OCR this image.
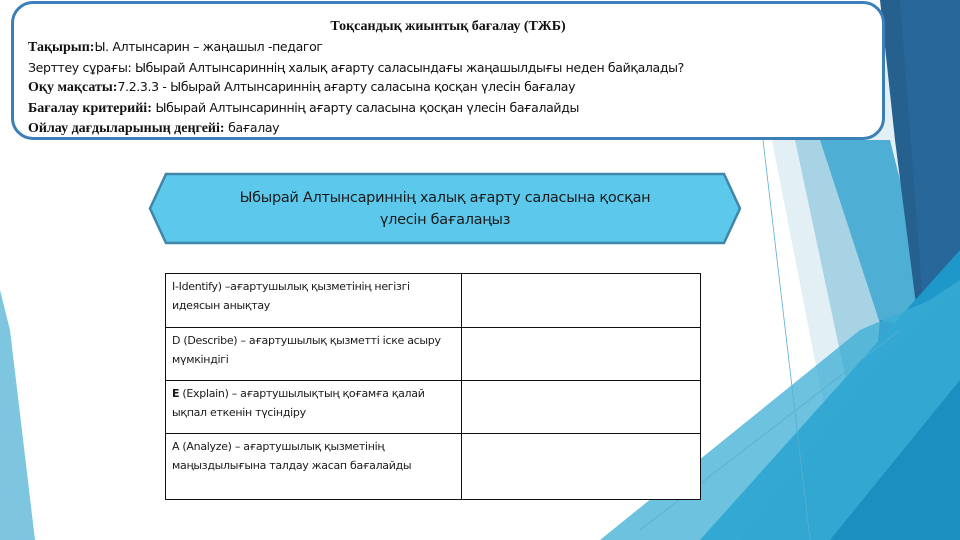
Тоқсандық жиынтық бағалау (ТЖБ)
Тақырып:Ы. Алтынсарин – жаңашыл -педагог
Зерттеу сұрағы: Ыбырай Алтынсариннің халық ағарту саласындағы жаңашылдығы неден байқалады?
Оқу мақсаты:7.2.3.3 - Ыбырай Алтынсариннің ағарту саласына қосқан үлесін бағалау
Бағалау критерийі: Ыбырай Алтынсариннің ағарту саласына қосқан үлесін бағалайды
Ойлау дағдыларының деңгейі: бағалау
Ыбырай Алтынсариннің халық ағарту саласына қосқан
үлесін бағалаңыз
I-Identify) –ағартушылық қызметінің негізгі идеясын анықтау	
D (Describe) – ағартушылық қызметті іске асыру мүмкіндігі	
E (Explain) – ағартушылықтың қоғамға қалай ықпал еткенін түсіндіру	
A (Analyze) – ағартушылық қызметінің маңыздылығына талдау жасап бағалайды	
